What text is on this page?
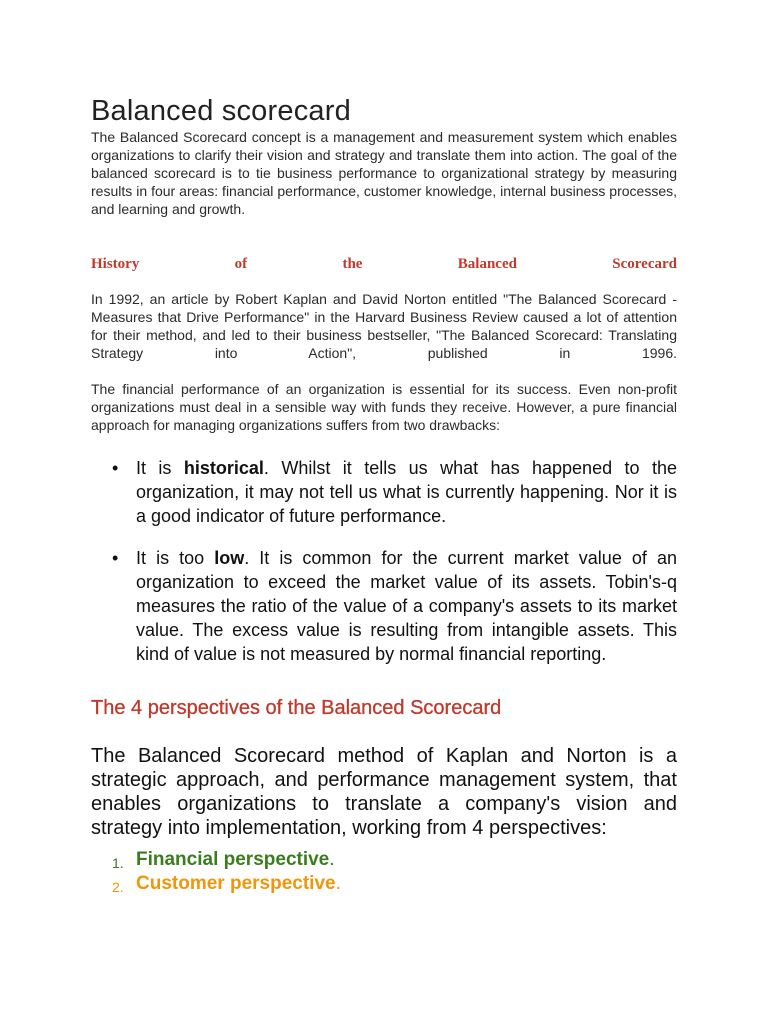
Balanced scorecard

The Balanced Scorecard concept is a management and measurement system which enables organizations to clarify their vision and strategy and translate them into action. The goal of the balanced scorecard is to tie business performance to organizational strategy by measuring results in four areas: financial performance, customer knowledge, internal business processes, and learning and growth.

History of the Balanced Scorecard

In 1992, an article by Robert Kaplan and David Norton entitled "The Balanced Scorecard - Measures that Drive Performance" in the Harvard Business Review caused a lot of attention for their method, and led to their business bestseller, "The Balanced Scorecard: Translating Strategy into Action", published in 1996.

The financial performance of an organization is essential for its success. Even non-profit organizations must deal in a sensible way with funds they receive. However, a pure financial approach for managing organizations suffers from two drawbacks:

• It is historical. Whilst it tells us what has happened to the organization, it may not tell us what is currently happening. Nor it is a good indicator of future performance.
• It is too low. It is common for the current market value of an organization to exceed the market value of its assets. Tobin's-q measures the ratio of the value of a company's assets to its market value. The excess value is resulting from intangible assets. This kind of value is not measured by normal financial reporting.
The 4 perspectives of the Balanced Scorecard

The Balanced Scorecard method of Kaplan and Norton is a strategic approach, and performance management system, that enables organizations to translate a company's vision and strategy into implementation, working from 4 perspectives:

1. Financial perspective.
2. Customer perspective.
